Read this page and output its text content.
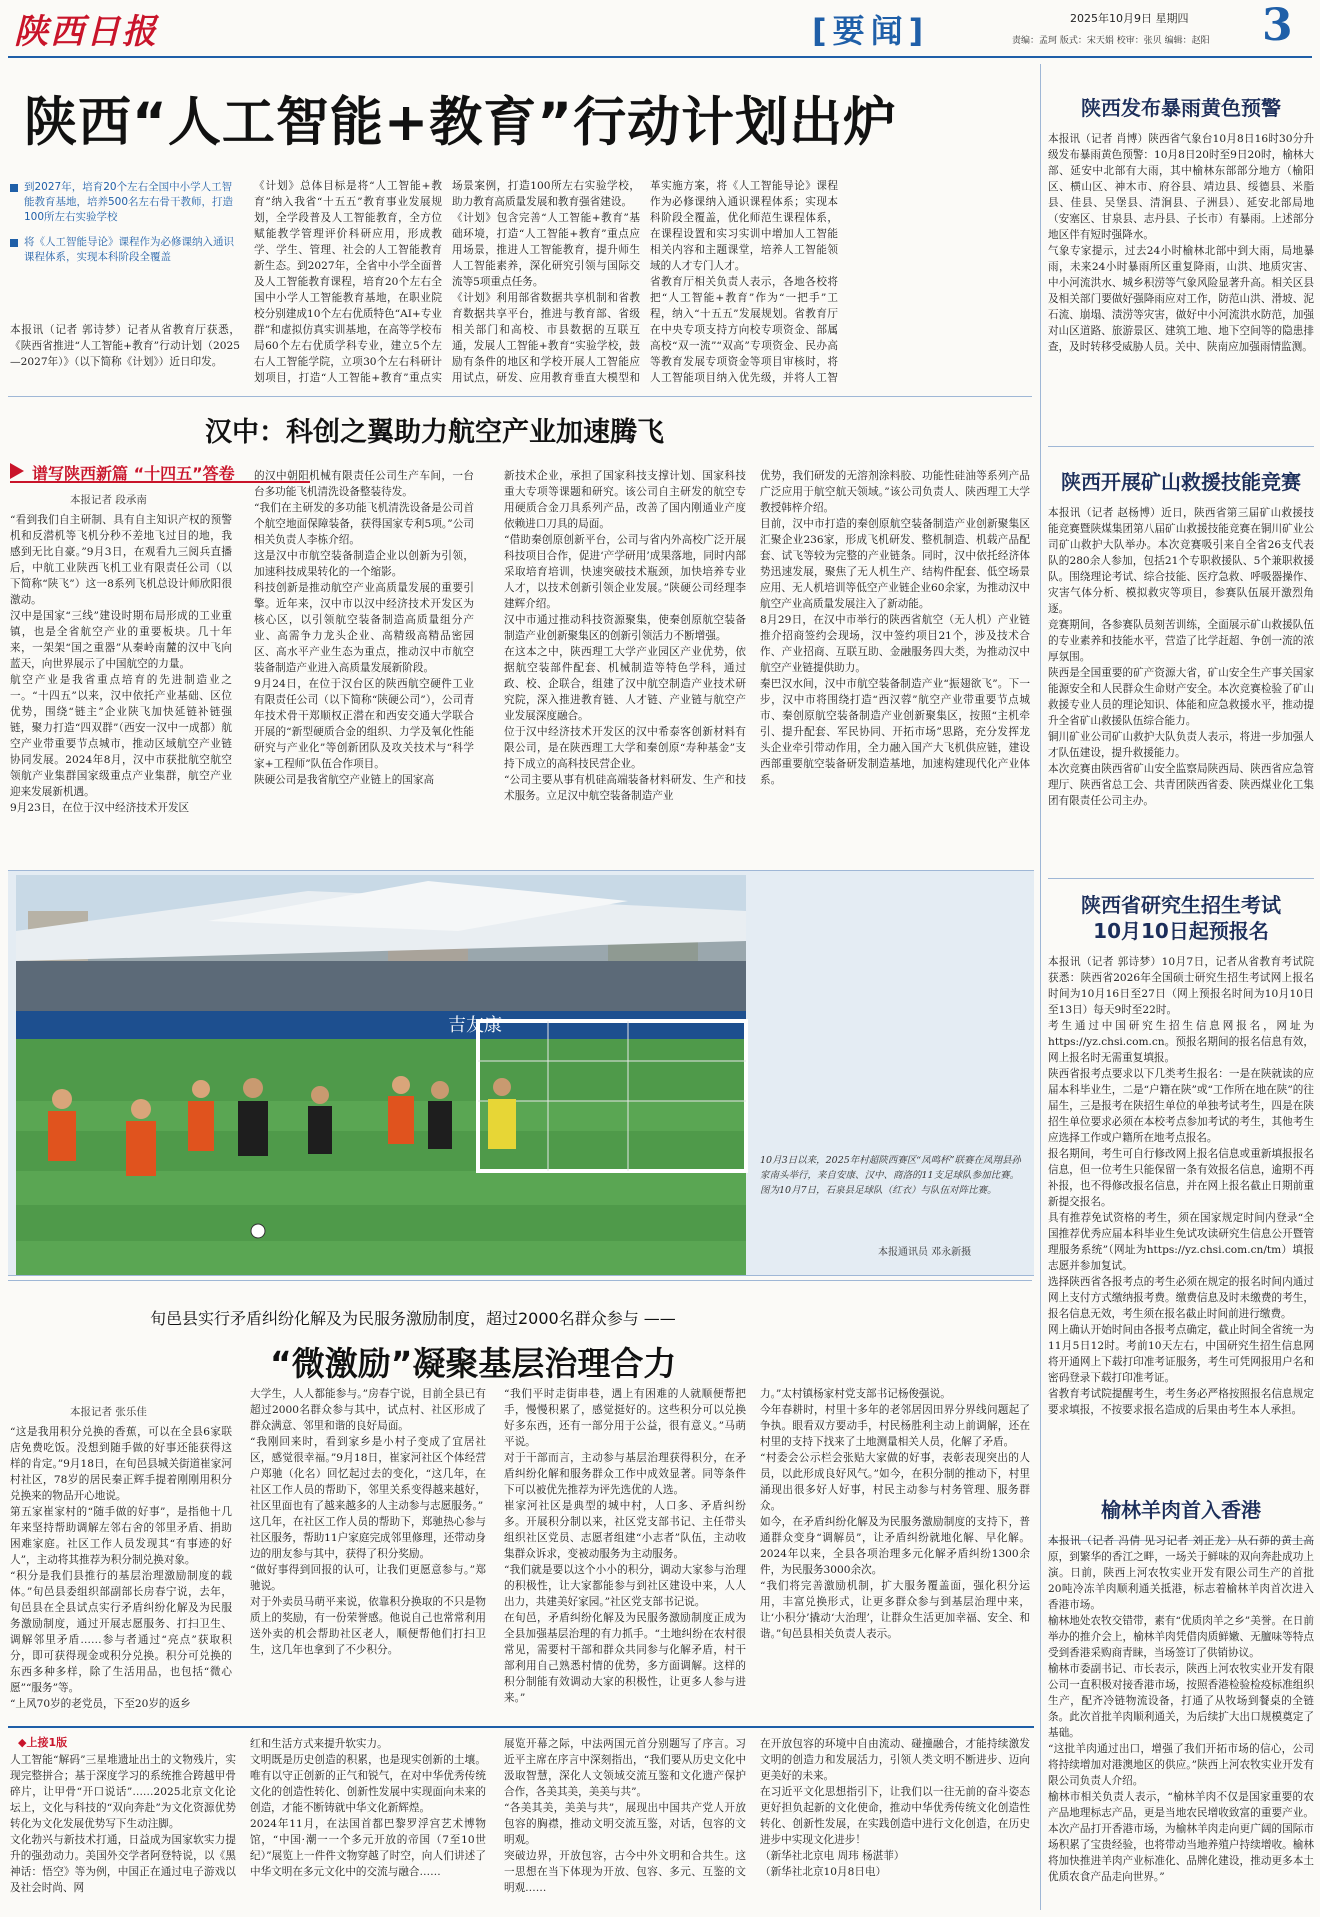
陕西日报	[要闻]	2025年10月9日 星期四
责编：孟珂 版式：宋天娟 校审：张贝 编辑：赵阳 3
陕西“人工智能+教育”行动计划出炉
到2027年，培育20个左右全国中小学人工智能教育基地，培养500名左右骨干教师，打造100所左右实验学校
将《人工智能导论》课程作为必修课纳入通识课程体系，实现本科阶段全覆盖
本报讯（记者 郭诗梦）记者从省教育厅获悉，《陕西省推进“人工智能+教育”行动计划（2025—2027年）》（以下简称《计划》）近日印发。
《计划》总体目标是将“人工智能+教育”纳入我省“十五五”教育事业发展规划，全学段普及人工智能教育，全方位赋能教学管理评价科研应用，形成教学、学生、管理、社会的人工智能教育新生态。到2027年，全省中小学全面普及人工智能教育课程，培育20个左右全国中小学人工智能教育基地，在职业院校分别建成10个左右优质特色“AI+专业群”和虚拟仿真实训基地，在高等学校布局60个左右优质学科专业，建立5个左右人工智能学院，立项30个左右科研计划项目，打造“人工智能+教育”重点实
场景案例，打造100所左右实验学校，助力教育高质量发展和教育强省建设。
《计划》包含完善“人工智能+教育”基础环境，打造“人工智能+教育”重点应用场景，推进人工智能教育，提升师生人工智能素养，深化研究引领与国际交流等5项重点任务。
《计划》利用部省数据共享机制和省教育数据共享平台，推进与教育部、省级相关部门和高校、市县数据的互联互通，发展人工智能+教育“实验学校，鼓励有条件的地区和学校开展人工智能应用试点，研发、应用教育垂直大模型和
革实施方案，将《人工智能导论》课程作为必修课纳入通识课程体系；实现本科阶段全覆盖，优化师范生课程体系，在课程设置和实习实训中增加人工智能相关内容和主题课堂，培养人工智能领域的人才专门人才。
省教育厅相关负责人表示，各地各校将把“人工智能+教育”作为“一把手”工程，纳入“十五五”发展规划。省教育厅在中央专项支持方向校专项资金、部属高校“双一流”“双高”专项资金、民办高等教育发展专项资金等项目审核时，将人工智能项目纳入优先级，并将人工智
汉中：科创之翼助力航空产业加速腾飞
谱写陕西新篇 “十四五”答卷
本报记者 段承南
“看到我们自主研制、具有自主知识产权的预警机和反潜机等飞机分秒不差地飞过目的地，我感到无比自豪。”9月3日，在观看九三阅兵直播后，中航工业陕西飞机工业有限责任公司（以下简称“陕飞”）这一8系列飞机总设计师欣阳很激动。
汉中是国家“三线”建设时期布局形成的工业重镇，也是全省航空产业的重要板块。几十年来，一架架“国之重器”从秦岭南麓的汉中飞向蓝天，向世界展示了中国航空的力量。
航空产业是我省重点培育的先进制造业之一。“十四五”以来，汉中依托产业基础、区位优势，围绕“链主”企业陕飞加快延链补链强链，聚力打造“四双群”（西安一汉中一成都）航空产业带重要节点城市，推动区域航空产业链协同发展。2024年8月，汉中市获批航空航空领航产业集群国家级重点产业集群，航空产业迎来发展新机遇。
9月23日，在位于汉中经济技术开发区
的汉中朝阳机械有限责任公司生产车间，一台台多功能飞机清洗设备整装待发。
“我们在主研发的多功能飞机清洗设备是公司首个航空地面保障装备，获得国家专利5项。”公司相关负责人李栋介绍。
这是汉中市航空装备制造企业以创新为引领，加速科技成果转化的一个缩影。
科技创新是推动航空产业高质量发展的重要引擎。近年来，汉中市以汉中经济技术开发区为核心区，以引领航空装备制造高质量组分产业、高需争力龙头企业、高精级高精品密园区、高水平产业生态为重点，推动汉中市航空装备制造产业进入高质量发展新阶段。
9月24日，在位于汉台区的陕西航空硬件工业有限责任公司（以下简称“陕硬公司”），公司青年技术骨干郑顺权正潜在和西安交通大学联合开展的“新型硬质合金的组织、力学及氧化性能研究与产业化”等创新团队及攻关技术与“科学家+工程师”队伍合作项目。
陕硬公司是我省航空产业链上的国家高
新技术企业，承担了国家科技支撑计划、国家科技重大专项等课题和研究。该公司自主研发的航空专用硬质合金刀具系列产品，改善了国内刚通业产度依赖进口刀具的局面。
“借助秦创原创新平台，公司与省内外高校广泛开展科技项目合作，促进‘产学研用’成果落地，同时内部采取培育培训，快速突破技术瓶颈，加快培养专业人才，以技术创新引领企业发展。”陕硬公司经理李建辉介绍。
汉中市通过推动科技资源聚集，使秦创原航空装备制造产业创新聚集区的创新引领活力不断增强。
在这本之中，陕西理工大学产业园区产业优势，依据航空装部件配套、机械制造等特色学科，通过政、校、企联合，组建了汉中航空制造产业技术研究院，深入推进教育链、人才链、产业链与航空产业发展深度融合。
位于汉中经济技术开发区的汉中希泰客创新材料有限公司，是在陕西理工大学和秦创原“寿种基金”支持下成立的高科技民营企业。
“公司主要从事有机硅高端装备材料研发、生产和技术服务。立足汉中航空装备制造产业
优势，我们研发的无溶剂涂料胶、功能性硅油等系列产品广泛应用于航空航天领域。”该公司负责人、陕西理工大学教授韩梓介绍。
目前，汉中市打造的秦创原航空装备制造产业创新聚集区汇聚企业236家，形成飞机研发、整机制造、机载产品配套、试飞等较为完整的产业链条。同时，汉中依托经济体势迅速发展，聚焦了无人机生产、结构件配套、低空场景应用、无人机培训等低空产业链企业60余家，为推动汉中航空产业高质量发展注入了新动能。
8月29日，在汉中市举行的陕西省航空（无人机）产业链推介招商签约会现场，汉中签约项目21个，涉及技术合作、产业招商、互联互助、金融服务四大类，为推动汉中航空产业链提供助力。
秦巴汉水间，汉中市航空装备制造产业“振翅欲飞”。下一步，汉中市将围绕打造“西汉蓉”航空产业带重要节点城市、秦创原航空装备制造产业创新聚集区，按照“主机牵引、提升配套、军民协同、开拓市场”思路，充分发挥龙头企业牵引带动作用，全力融入国产大飞机供应链，建设西部重要航空装备研发制造基地，加速构建现代化产业体系。
吉友康
10月3日以来，2025年村超陕西赛区“凤鸣杯”联赛在凤翔县孙家南头举行，来自安康、汉中、商洛的11支足球队参加比赛。图为10月7日，石泉县足球队（红衣）与队伍对阵比赛。
本报通讯员 邓永新摄
旬邑县实行矛盾纠纷化解及为民服务激励制度，超过2000名群众参与 ——
“微激励”凝聚基层治理合力
本报记者 张乐佳
“这是我用积分兑换的香蕉，可以在全县6家联店免费吃饭。没想到随手做的好事还能获得这样的肯定。”9月18日，在旬邑县城关街道崔家河村社区，78岁的居民秦正辉手提着刚刚用积分兑换来的物品开心地说。
第五家崔家村的“随手做的好事”，是指他十几年来坚持帮助调解左邻右舍的邻里矛盾、捐助困难家庭。社区工作人员发现其“有事迹的好人”，主动将其推荐为积分制兑换对象。
“积分是我们县推行的基层治理激励制度的载体。”旬邑县委组织部副部长房春宁说，去年，旬邑县在全县试点实行矛盾纠纷化解及为民服务激励制度，通过开展志愿服务、打扫卫生、调解邻里矛盾……参与者通过“亮点”获取积分，即可获得现金或积分兑换。积分可兑换的东西多种多样，除了生活用品，也包括“微心愿”“服务”等。
“上风70岁的老党员，下至20岁的返乡
大学生，人人都能参与。”房春宁说，目前全县已有超过2000名群众参与其中，试点村、社区形成了群众满意、邻里和谐的良好局面。
“我刚回来时，看到家乡是小村子变成了宜居社区，感觉很幸福。”9月18日，崔家河社区个体经营户郑驰（化名）回忆起过去的变化，“这几年，在社区工作人员的帮助下，邻里关系变得越来越好，社区里面也有了越来越多的人主动参与志愿服务。”
这几年，在社区工作人员的帮助下，郑驰热心参与社区服务，帮助11户家庭完成邻里修理，还带动身边的朋友参与其中，获得了积分奖励。
“做好事得到回报的认可，让我们更愿意参与。”郑驰说。
对于外卖员马萌平来说，依靠积分换取的不只是物质上的奖励，有一份荣誉感。他说自己也常常利用送外卖的机会帮助社区老人，顺便帮他们打扫卫生，这几年也拿到了不少积分。
“我们平时走街串巷，遇上有困难的人就顺便帮把手，慢慢积累了，感觉挺好的。这些积分可以兑换好多东西，还有一部分用于公益，很有意义。”马萌平说。
对于干部而言，主动参与基层治理获得积分，在矛盾纠纷化解和服务群众工作中成效显著。同等条件下可以被优先推荐为评先选优的人选。
崔家河社区是典型的城中村，人口多、矛盾纠纷多。开展积分制以来，社区党支部书记、主任带头组织社区党员、志愿者组建“小志者”队伍，主动收集群众诉求，变被动服务为主动服务。
“我们就是要以这个小小的积分，调动大家参与治理的积极性，让大家都能参与到社区建设中来，人人出力，共建美好家园。”社区党支部书记说。
在旬邑，矛盾纠纷化解及为民服务激励制度正成为全县加强基层治理的有力抓手。“土地纠纷在农村很常见，需要村干部和群众共同参与化解矛盾，村干部利用自己熟悉村情的优势，多方面调解。这样的积分制能有效调动大家的积极性，让更多人参与进来。”
力。”太村镇杨家村党支部书记杨俊强说。
今年春耕时，村里十多年的老邻居因田界分界线问题起了争执。眼看双方要动手，村民杨胜利主动上前调解，还在村里的支持下找来了土地测量相关人员，化解了矛盾。
“村委会公示栏会张贴大家做的好事，表彰表现突出的人员，以此形成良好风气。”如今，在积分制的推动下，村里涌现出很多好人好事，村民主动参与村务管理、服务群众。
如今，在矛盾纠纷化解及为民服务激励制度的支持下，普通群众变身“调解员”，让矛盾纠纷就地化解、早化解。2024年以来，全县各项治理多元化解矛盾纠纷1300余件，为民服务3000余次。
“我们将完善激励机制，扩大服务覆盖面，强化积分运用，丰富兑换形式，让更多群众参与到基层治理中来，让‘小积分’撬动‘大治理’，让群众生活更加幸福、安全、和谐。”旬邑县相关负责人表示。
◆上接1版
人工智能“解码”三星堆遗址出土的文物残片，实现完整拼合；基于深度学习的系统推合跨越甲骨碎片，让甲骨“开口说话”……2025北京文化论坛上，文化与科技的“双向奔赴”为文化资源优势转化为文化发展优势写下生动注脚。
文化勃兴与新技术打通，日益成为国家软实力提升的强劲动力。美国外交学者阿登特说，以《黑神话：悟空》等为例，中国正在通过电子游戏以及社会时尚、网
红和生活方式来提升软实力。
文明既是历史创造的积累，也是现实创新的土壤。唯有以守正创新的正气和锐气，在对中华优秀传统文化的创造性转化、创新性发展中实现面向未来的创造，才能不断铸就中华文化新辉煌。
2024年11月，在法国首都巴黎罗浮宫艺术博物馆，“中国·潮一一个多元开放的帝国（7至10世纪）”展览上一件件文物穿越了时空，向人们讲述了中华文明在多元文化中的交流与融合……
展览开幕之际，中法两国元首分别题写了序言。习近平主席在序言中深刻指出，“我们要从历史文化中汲取智慧，深化人文领域交流互鉴和文化遗产保护合作，各美其美，美美与共”。
“各美其美，美美与共”，展现出中国共产党人开放包容的胸襟，推动文明交流互鉴，对话，包容的文明观。
突破边界，开放包容，古今中外文明和合共生。这一思想在当下体现为开放、包容、多元、互鉴的文明观……
在开放包容的环境中自由流动、碰撞融合，才能持续激发文明的创造力和发展活力，引领人类文明不断进步、迈向更美好的未来。
在习近平文化思想指引下，让我们以一往无前的奋斗姿态更好担负起新的文化使命，推动中华优秀传统文化创造性转化、创新性发展，在实践创造中进行文化创造，在历史进步中实现文化进步！
（新华社北京电 周玮 杨湛菲）
（新华社北京10月8日电）
陕西发布暴雨黄色预警
本报讯（记者 肖博）陕西省气象台10月8日16时30分升级发布暴雨黄色预警：10月8日20时至9日20时，榆林大部、延安中北部有大雨，其中榆林东部部分地方（榆阳区、横山区、神木市、府谷县、靖边县、绥德县、米脂县、佳县、吴堡县、清涧县、子洲县）、延安北部局地（安塞区、甘泉县、志丹县、子长市）有暴雨。上述部分地区伴有短时强降水。
气象专家提示，过去24小时榆林北部中到大雨，局地暴雨，未来24小时暴雨所区重复降雨，山洪、地质灾害、中小河流洪水、城乡积涝等气象风险显著升高。相关区县及相关部门要做好强降雨应对工作，防范山洪、滑坡、泥石流、崩塌、渍涝等灾害，做好中小河流洪水防范，加强对山区道路、旅游景区、建筑工地、地下空间等的隐患排查，及时转移受威胁人员。关中、陕南应加强雨情监测。
陕西开展矿山救援技能竞赛
本报讯（记者 赵杨博）近日，陕西省第三届矿山救援技能竞赛暨陕煤集团第八届矿山救援技能竞赛在铜川矿业公司矿山救护大队举办。本次竞赛吸引来自全省26支代表队的280余人参加，包括21个专职救援队、5个兼职救援队。围绕理论考试、综合技能、医疗急救、呼吸器操作、灾害气体分析、模拟救灾等项目，参赛队伍展开激烈角逐。
竞赛期间，各参赛队员刻苦训练，全面展示矿山救援队伍的专业素养和技能水平，营造了比学赶超、争创一流的浓厚氛围。
陕西是全国重要的矿产资源大省，矿山安全生产事关国家能源安全和人民群众生命财产安全。本次竞赛检验了矿山救援专业人员的理论知识、体能和应急救援水平，推动提升全省矿山救援队伍综合能力。
铜川矿业公司矿山救护大队负责人表示，将进一步加强人才队伍建设，提升救援能力。
本次竞赛由陕西省矿山安全监察局陕西局、陕西省应急管理厅、陕西省总工会、共青团陕西省委、陕西煤业化工集团有限责任公司主办。
陕西省研究生招生考试
10月10日起预报名
本报讯（记者 郭诗梦）10月7日，记者从省教育考试院获悉：陕西省2026年全国硕士研究生招生考试网上报名时间为10月16日至27日（网上预报名时间为10月10日至13日）每天9时至22时。
考生通过中国研究生招生信息网报名，网址为https://yz.chsi.com.cn。预报名期间的报名信息有效，网上报名时无需重复填报。
陕西省报考点要求以下几类考生报名：一是在陕就读的应届本科毕业生，二是“户籍在陕”或“工作所在地在陕”的往届生，三是报考在陕招生单位的单独考试考生，四是在陕招生单位要求必须在本校考点参加考试的考生，其他考生应选择工作或户籍所在地考点报名。
报名期间，考生可自行修改网上报名信息或重新填报报名信息，但一位考生只能保留一条有效报名信息，逾期不再补报，也不得修改报名信息，并在网上报名截止日期前重新提交报名。
具有推荐免试资格的考生，须在国家规定时间内登录“全国推荐优秀应届本科毕业生免试攻读研究生信息公开暨管理服务系统”（网址为https://yz.chsi.com.cn/tm）填报志愿并参加复试。
选择陕西省各报考点的考生必须在规定的报名时间内通过网上支付方式缴纳报考费。缴费信息及时未缴费的考生，报名信息无效，考生须在报名截止时间前进行缴费。
网上确认开始时间由各报考点确定，截止时间全省统一为11月5日12时。考前10天左右，中国研究生招生信息网将开通网上下载打印准考证服务，考生可凭网报用户名和密码登录下载打印准考证。
省教育考试院提醒考生，考生务必严格按照报名信息规定要求填报，不按要求报名造成的后果由考生本人承担。
榆林羊肉首入香港
本报讯（记者 冯倩 见习记者 刘正龙）从石茆的黄土高原，到繁华的香江之畔，一场关于鲜味的双向奔赴成功上演。日前，陕西上河农牧实业开发有限公司生产的首批20吨冷冻羊肉顺利通关抵港，标志着榆林羊肉首次进入香港市场。
榆林地处农牧交错带，素有“优质肉羊之乡”美誉。在日前举办的推介会上，榆林羊肉凭借肉质鲜嫩、无膻味等特点受到香港采购商青睐，当场签订了供销协议。
榆林市委副书记、市长表示，陕西上河农牧实业开发有限公司一直积极对接香港市场，按照香港检验检疫标准组织生产，配齐冷链物流设备，打通了从牧场到餐桌的全链条。此次首批羊肉顺利通关，为后续扩大出口规模奠定了基础。
“这批羊肉通过出口，增强了我们开拓市场的信心，公司将持续增加对港澳地区的供应。”陕西上河农牧实业开发有限公司负责人介绍。
榆林市相关负责人表示，“榆林羊肉不仅是国家重要的农产品地理标志产品，更是当地农民增收致富的重要产业。本次产品打开香港市场，为榆林羊肉走向更广阔的国际市场积累了宝贵经验，也将带动当地养殖户持续增收。榆林将加快推进羊肉产业标准化、品牌化建设，推动更多本土优质农食产品走向世界。”
